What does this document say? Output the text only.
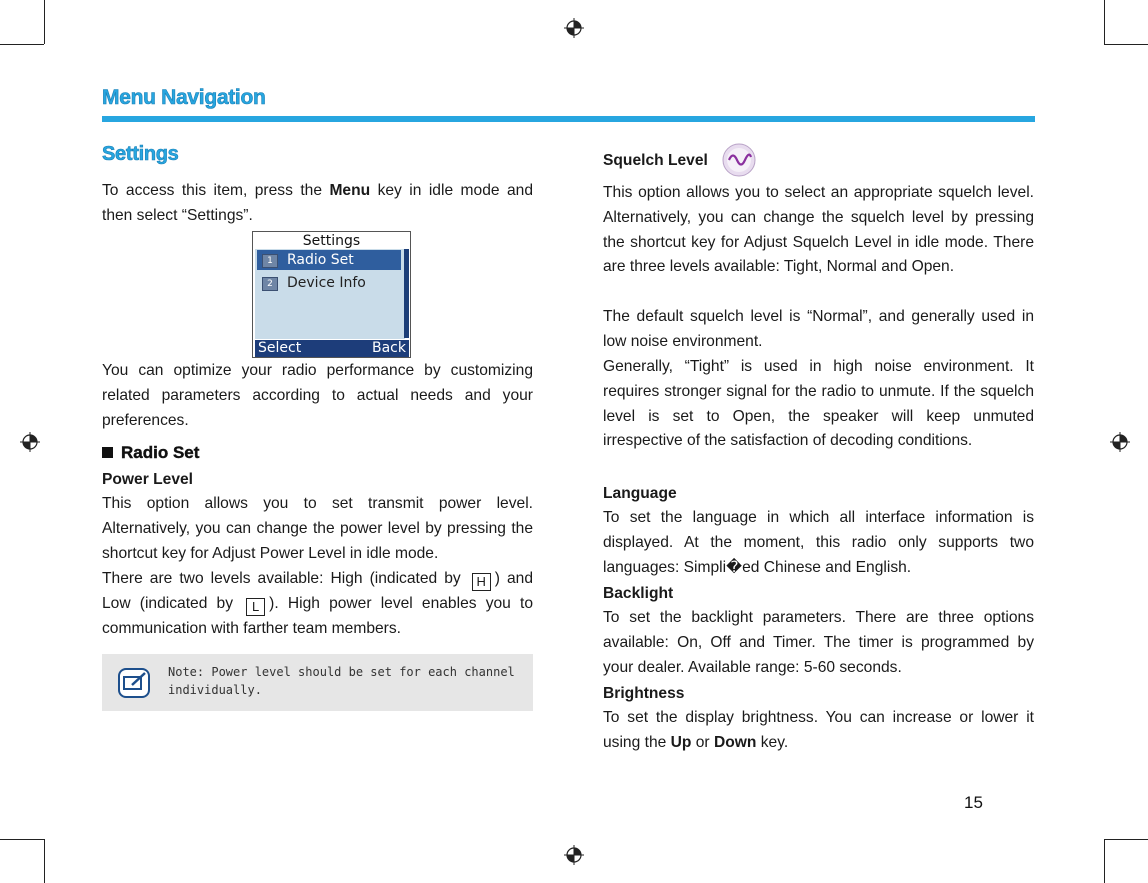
Menu Navigation
Settings

To access this item, press the Menu key in idle mode and then select “Settings”.

Settings
1	Radio Set
2	Device Info
Select	Back

You can optimize your radio performance by customizing related parameters according to actual needs and your preferences.

Radio Set
Power Level

This option allows you to set transmit power level. Alternatively, you can change the power level by pressing the shortcut key for Adjust Power Level in idle mode.

There are two levels available: High (indicated by H ) and Low (indicated by L ). High power level enables you to communication with farther team members.

Note: Power level should be set for each channel individually.
Squelch Level

This option allows you to select an appropriate squelch level. Alternatively, you can change the squelch level by pressing the shortcut key for Adjust Squelch Level in idle mode. There are three levels available: Tight, Normal and Open.

The default squelch level is “Normal”, and generally used in low noise environment.

Generally, “Tight” is used in high noise environment. It requires stronger signal for the radio to unmute. If the squelch level is set to Open, the speaker will keep unmuted irrespective of the satisfaction of decoding conditions.

Language

To set the language in which all interface information is displayed. At the moment, this radio only supports two languages: Simpli�ed Chinese and English.

Backlight

To set the backlight parameters. There are three options available: On, Off and Timer. The timer is programmed by your dealer. Available range: 5-60 seconds.

Brightness

To set the display brightness. You can increase or lower it using the Up or Down key.

15
